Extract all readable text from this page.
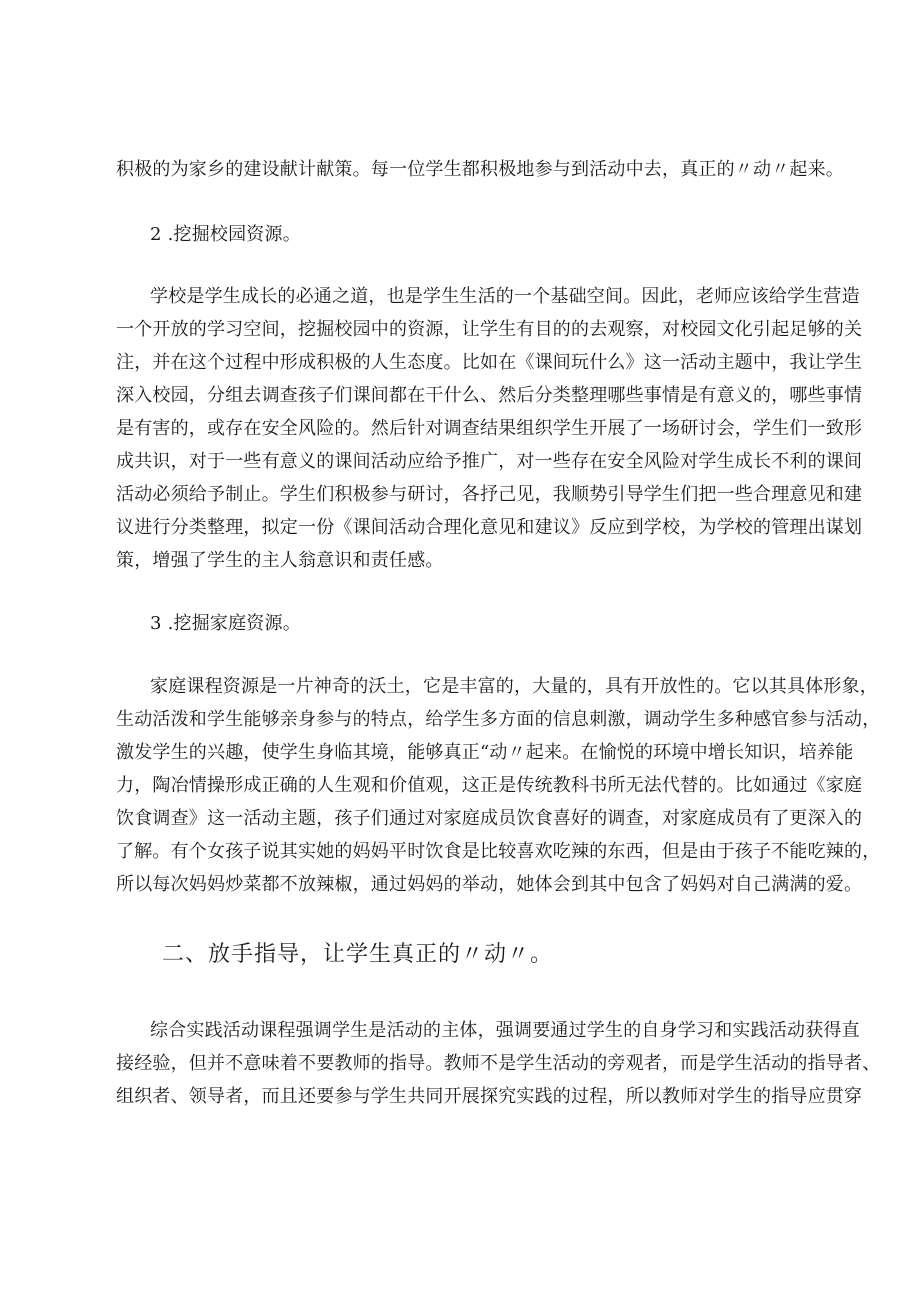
积极的为家乡的建设献计献策。每一位学生都积极地参与到活动中去，真正的〃动〃起来。
2 .挖掘校园资源。
学校是学生成长的必通之道，也是学生生活的一个基础空间。因此，老师应该给学生营造
一个开放的学习空间，挖掘校园中的资源，让学生有目的的去观察，对校园文化引起足够的关
注，并在这个过程中形成积极的人生态度。比如在《课间玩什么》这一活动主题中，我让学生
深入校园，分组去调查孩子们课间都在干什么、然后分类整理哪些事情是有意义的，哪些事情
是有害的，或存在安全风险的。然后针对调查结果组织学生开展了一场研讨会，学生们一致形
成共识，对于一些有意义的课间活动应给予推广，对一些存在安全风险对学生成长不利的课间
活动必须给予制止。学生们积极参与研讨，各抒己见，我顺势引导学生们把一些合理意见和建
议进行分类整理，拟定一份《课间活动合理化意见和建议》反应到学校，为学校的管理出谋划
策，增强了学生的主人翁意识和责任感。
3 .挖掘家庭资源。
家庭课程资源是一片神奇的沃土，它是丰富的，大量的，具有开放性的。它以其具体形象，
生动活泼和学生能够亲身参与的特点，给学生多方面的信息刺激，调动学生多种感官参与活动，
激发学生的兴趣，使学生身临其境，能够真正“动〃起来。在愉悦的环境中增长知识，培养能
力，陶冶情操形成正确的人生观和价值观，这正是传统教科书所无法代替的。比如通过《家庭
饮食调查》这一活动主题，孩子们通过对家庭成员饮食喜好的调查，对家庭成员有了更深入的
了解。有个女孩子说其实她的妈妈平时饮食是比较喜欢吃辣的东西，但是由于孩子不能吃辣的，
所以每次妈妈炒菜都不放辣椒，通过妈妈的举动，她体会到其中包含了妈妈对自己满满的爱。
二、放手指导，让学生真正的〃动〃。
综合实践活动课程强调学生是活动的主体，强调要通过学生的自身学习和实践活动获得直
接经验，但并不意味着不要教师的指导。教师不是学生活动的旁观者，而是学生活动的指导者、
组织者、领导者，而且还要参与学生共同开展探究实践的过程，所以教师对学生的指导应贯穿
